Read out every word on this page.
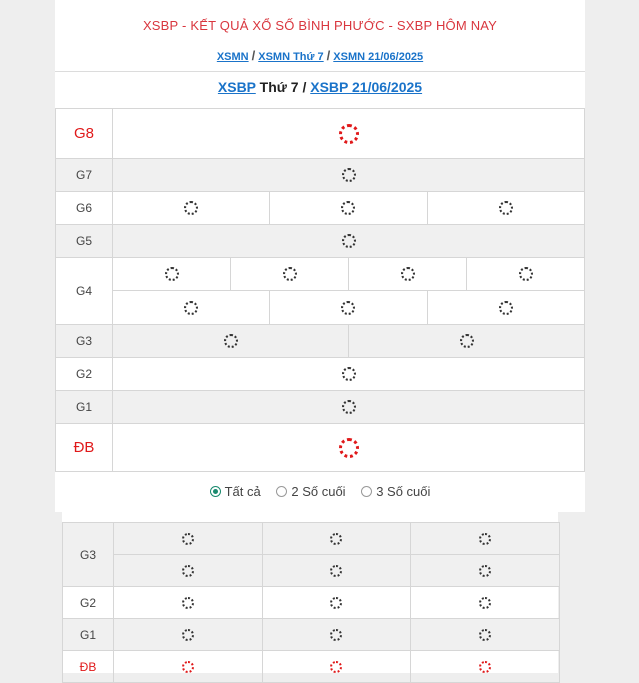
XSBP - KẾT QUẢ XỔ SỐ BÌNH PHƯỚC - SXBP HÔM NAY
XSMN / XSMN Thứ 7 / XSMN 21/06/2025
XSBP Thứ 7 / XSBP 21/06/2025
G8	
G7	
G6	

G5	
G4	

G3	

G2	
G1	
ĐB	
Tất cả
2 Số cuối
3 Số cuối
G3			

G2			
G1			
ĐB			
